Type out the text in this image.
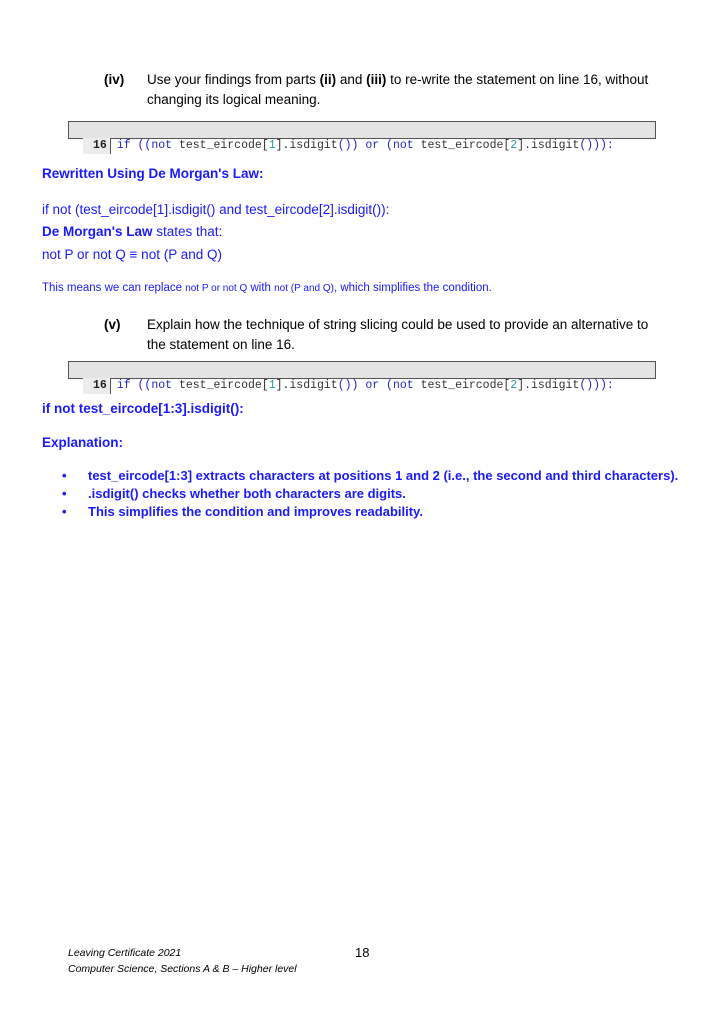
(iv) Use your findings from parts (ii) and (iii) to re-write the statement on line 16, without
changing its logical meaning.

16 if ((not test_eircode[1].isdigit()) or (not test_eircode[2].isdigit())):

Rewritten Using De Morgan's Law:
if not (test_eircode[1].isdigit() and test_eircode[2].isdigit()):
De Morgan's Law states that:
not P or not Q ≡ not (P and Q)
This means we can replace not P or not Q with not (P and Q), which simplifies the condition.
(v) Explain how the technique of string slicing could be used to provide an alternative to
the statement on line 16.

16 if ((not test_eircode[1].isdigit()) or (not test_eircode[2].isdigit())):

if not test_eircode[1:3].isdigit():
Explanation:
• test_eircode[1:3] extracts characters at positions 1 and 2 (i.e., the second and third characters).
• .isdigit() checks whether both characters are digits.
• This simplifies the condition and improves readability.
Leaving Certificate 2021
Computer Science, Sections A & B – Higher level
18
